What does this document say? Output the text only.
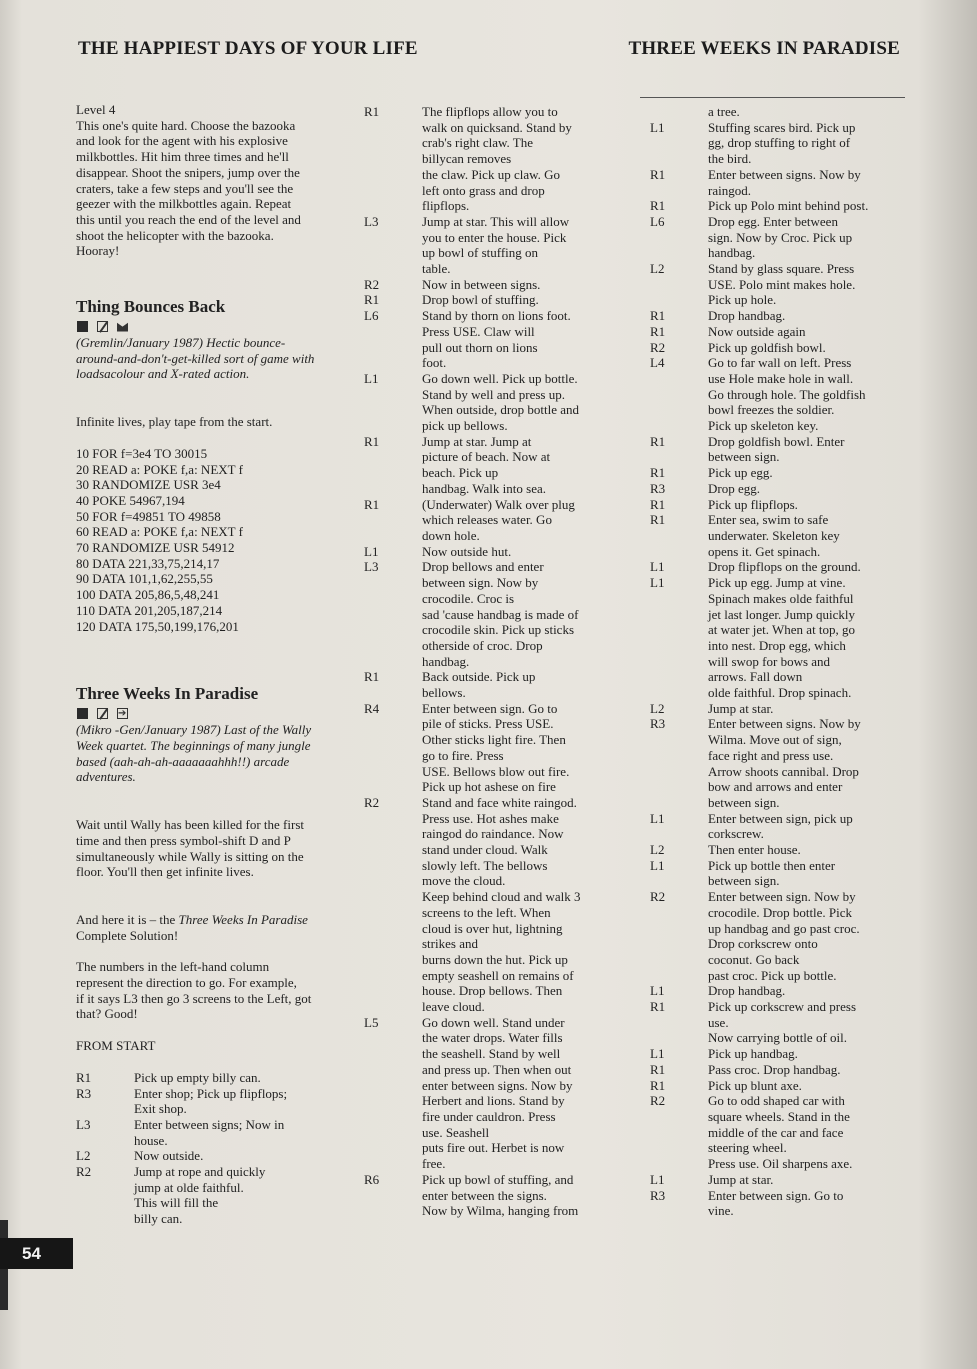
THE HAPPIEST DAYS OF YOUR LIFE	THREE WEEKS IN PARADISE

Level 4

This one's quite hard. Choose the bazooka

and look for the agent with his explosive

milkbottles. Hit him three times and he'll

disappear. Shoot the snipers, jump over the

craters, take a few steps and you'll see the

geezer with the milkbottles again. Repeat

this until you reach the end of the level and

shoot the helicopter with the bazooka.

Hooray!

Thing Bounces Back

(Gremlin/January 1987) Hectic bounce-

around-and-don't-get-killed sort of game with

loadsacolour and X-rated action.

Infinite lives, play tape from the start.

10 FOR f=3e4 TO 30015

20 READ a: POKE f,a: NEXT f

30 RANDOMIZE USR 3e4

40 POKE 54967,194

50 FOR f=49851 TO 49858

60 READ a: POKE f,a: NEXT f

70 RANDOMIZE USR 54912

80 DATA 221,33,75,214,17

90 DATA 101,1,62,255,55

100 DATA 205,86,5,48,241

110 DATA 201,205,187,214

120 DATA 175,50,199,176,201

Three Weeks In Paradise

➔

(Mikro -Gen/January 1987) Last of the Wally

Week quartet. The beginnings of many jungle

based (aah-ah-ah-aaaaaaahhh!!) arcade

adventures.

Wait until Wally has been killed for the first

time and then press symbol-shift D and P

simultaneously while Wally is sitting on the

floor. You'll then get infinite lives.

And here it is – the Three Weeks In Paradise

Complete Solution!

The numbers in the left-hand column

represent the direction to go. For example,

if it says L3 then go 3 screens to the Left, got

that? Good!

FROM START

R1	Pick up empty billy can.
R3	Enter shop; Pick up flipflops;
Exit shop.
L3	Enter between signs; Now in
house.
L2	Now outside.
R2	Jump at rope and quickly
jump at olde faithful.
This will fill the
billy can.
R1	The flipflops allow you to
walk on quicksand. Stand by
crab's right claw. The
billycan removes
the claw. Pick up claw. Go
left onto grass and drop
flipflops.
L3	Jump at star. This will allow
you to enter the house. Pick
up bowl of stuffing on
table.
R2	Now in between signs.
R1	Drop bowl of stuffing.
L6	Stand by thorn on lions foot.
Press USE. Claw will
pull out thorn on lions
foot.
L1	Go down well. Pick up bottle.
Stand by well and press up.
When outside, drop bottle and
pick up bellows.
R1	Jump at star. Jump at
picture of beach. Now at
beach. Pick up
handbag. Walk into sea.
R1	(Underwater) Walk over plug
which releases water. Go
down hole.
L1	Now outside hut.
L3	Drop bellows and enter
between sign. Now by
crocodile. Croc is
sad 'cause handbag is made of
crocodile skin. Pick up sticks
otherside of croc. Drop
handbag.
R1	Back outside. Pick up
bellows.
R4	Enter between sign. Go to
pile of sticks. Press USE.
Other sticks light fire. Then
go to fire. Press
USE. Bellows blow out fire.
Pick up hot ashese on fire
R2	Stand and face white raingod.
Press use. Hot ashes make
raingod do raindance. Now
stand under cloud. Walk
slowly left. The bellows
move the cloud.
Keep behind cloud and walk 3
screens to the left. When
cloud is over hut, lightning
strikes and
burns down the hut. Pick up
empty seashell on remains of
house. Drop bellows. Then
leave cloud.
L5	Go down well. Stand under
the water drops. Water fills
the seashell. Stand by well
and press up. Then when out
enter between signs. Now by
Herbert and lions. Stand by
fire under cauldron. Press
use. Seashell
puts fire out. Herbet is now
free.
R6	Pick up bowl of stuffing, and
enter between the signs.
Now by Wilma, hanging from
a tree.
L1	Stuffing scares bird. Pick up
gg, drop stuffing to right of
the bird.
R1	Enter between signs. Now by
raingod.
R1	Pick up Polo mint behind post.
L6	Drop egg. Enter between
sign. Now by Croc. Pick up
handbag.
L2	Stand by glass square. Press
USE. Polo mint makes hole.
Pick up hole.
R1	Drop handbag.
R1	Now outside again
R2	Pick up goldfish bowl.
L4	Go to far wall on left. Press
use Hole make hole in wall.
Go through hole. The goldfish
bowl freezes the soldier.
Pick up skeleton key.
R1	Drop goldfish bowl. Enter
between sign.
R1	Pick up egg.
R3	Drop egg.
R1	Pick up flipflops.
R1	Enter sea, swim to safe
underwater. Skeleton key
opens it. Get spinach.
L1	Drop flipflops on the ground.
L1	Pick up egg. Jump at vine.
Spinach makes olde faithful
jet last longer. Jump quickly
at water jet. When at top, go
into nest. Drop egg, which
will swop for bows and
arrows. Fall down
olde faithful. Drop spinach.
L2	Jump at star.
R3	Enter between signs. Now by
Wilma. Move out of sign,
face right and press use.
Arrow shoots cannibal. Drop
bow and arrows and enter
between sign.
L1	Enter between sign, pick up
corkscrew.
L2	Then enter house.
L1	Pick up bottle then enter
between sign.
R2	Enter between sign. Now by
crocodile. Drop bottle. Pick
up handbag and go past croc.
Drop corkscrew onto
coconut. Go back
past croc. Pick up bottle.
L1	Drop handbag.
R1	Pick up corkscrew and press
use.
Now carrying bottle of oil.
L1	Pick up handbag.
R1	Pass croc. Drop handbag.
R1	Pick up blunt axe.
R2	Go to odd shaped car with
square wheels. Stand in the
middle of the car and face
steering wheel.
Press use. Oil sharpens axe.
L1	Jump at star.
R3	Enter between sign. Go to
vine.
54
